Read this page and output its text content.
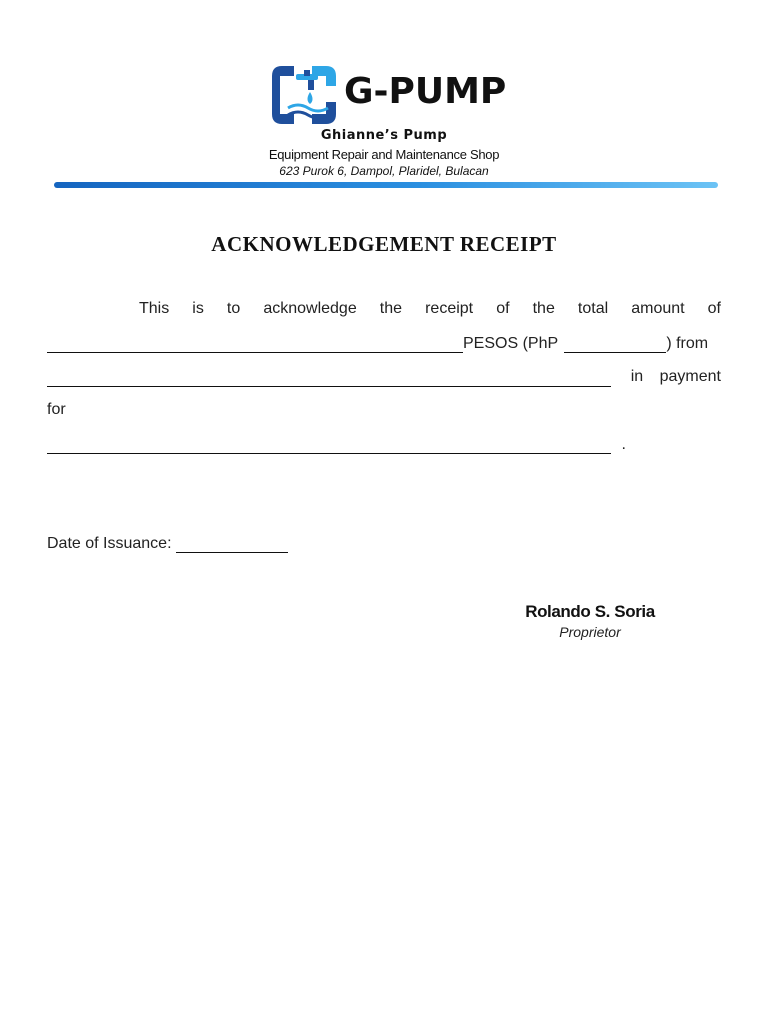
G-PUMP
Ghianne’s Pump
Equipment Repair and Maintenance Shop
623 Purok 6, Dampol, Plaridel, Bulacan
ACKNOWLEDGEMENT RECEIPT
This is to acknowledge the receipt of the total amount of
PESOS (PhP	) from
in payment
for
.
Date of Issuance:
Rolando S. Soria
Proprietor
